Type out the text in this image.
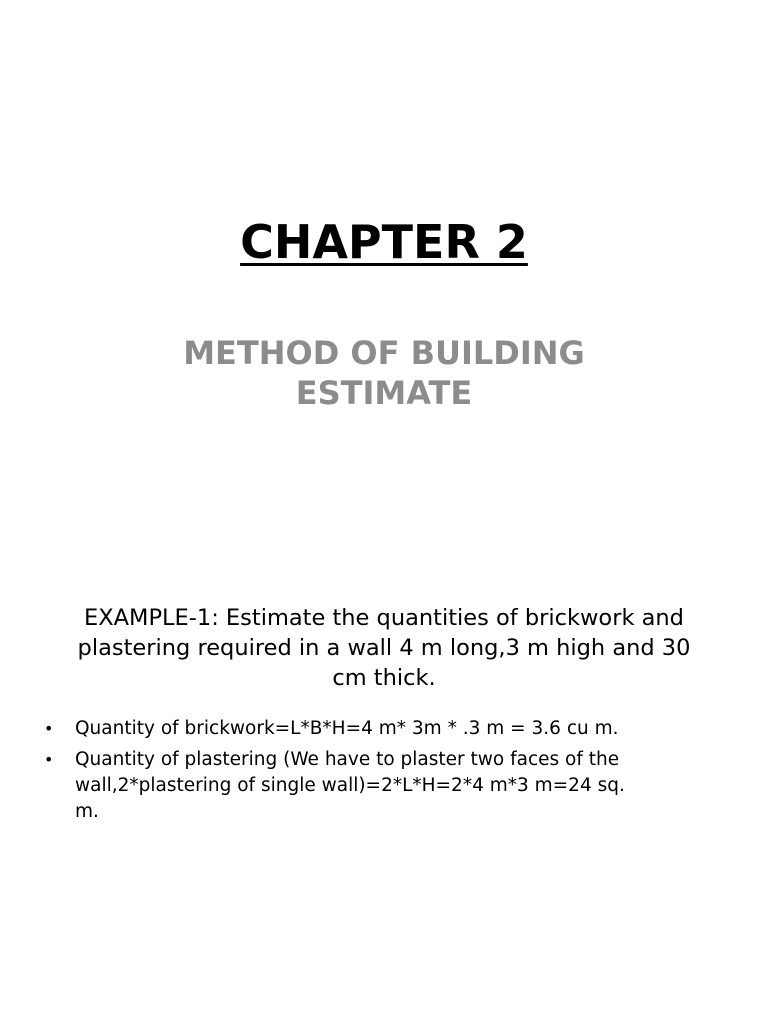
CHAPTER 2
METHOD OF BUILDING
ESTIMATE

EXAMPLE-1: Estimate the quantities of brickwork and
plastering required in a wall 4 m long,3 m high and 30
cm thick.

• Quantity of brickwork=L*B*H=4 m* 3m * .3 m = 3.6 cu m.
• Quantity of plastering (We have to plaster two faces of the
wall,2*plastering of single wall)=2*L*H=2*4 m*3 m=24 sq.
m.
